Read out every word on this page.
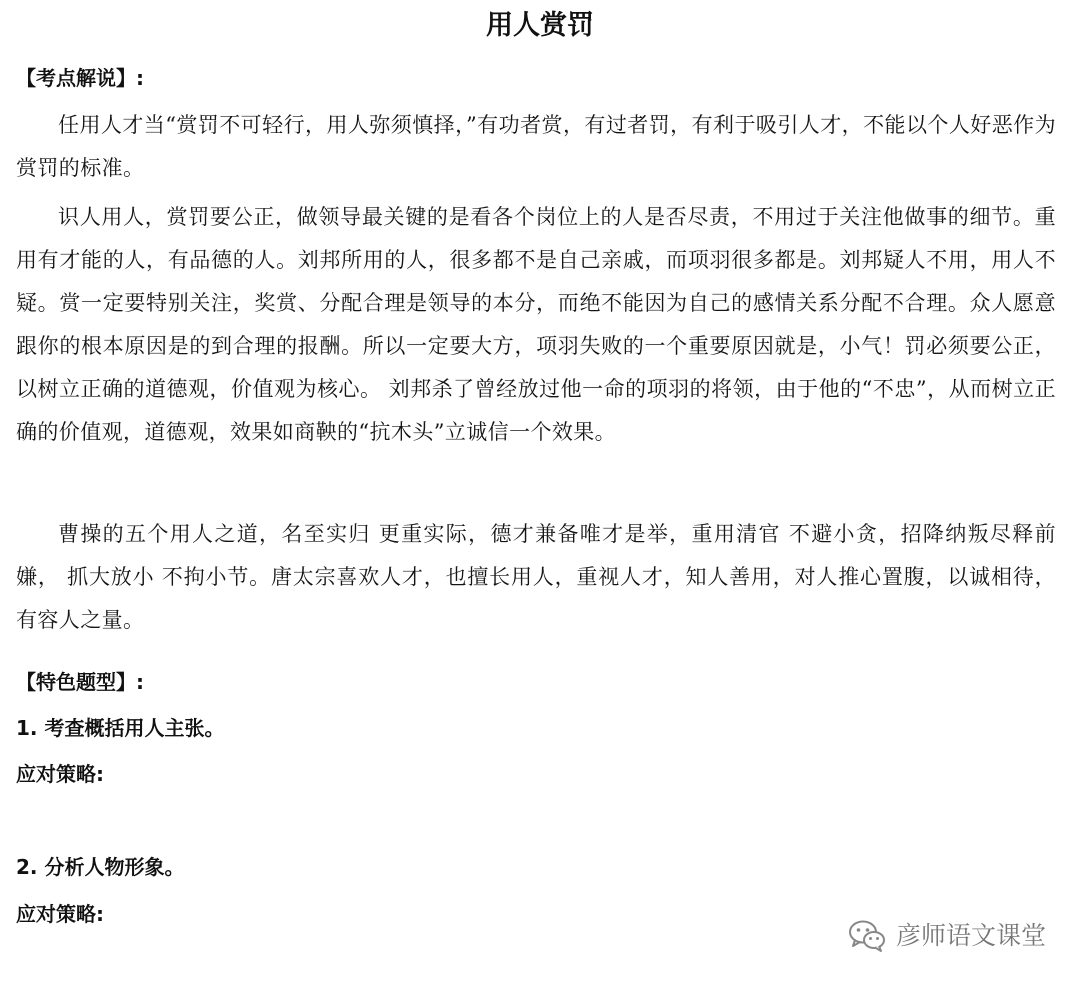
用人赏罚
【考点解说】:

任用人才当“赏罚不可轻行，用人弥须慎择，”有功者赏，有过者罚，有利于吸引人才，不能以个人好恶作为赏罚的标准。

识人用人，赏罚要公正，做领导最关键的是看各个岗位上的人是否尽责，不用过于关注他做事的细节。重用有才能的人，有品德的人。刘邦所用的人，很多都不是自己亲戚，而项羽很多都是。刘邦疑人不用，用人不疑。赏一定要特别关注，奖赏、分配合理是领导的本分，而绝不能因为自己的感情关系分配不合理。众人愿意跟你的根本原因是的到合理的报酬。所以一定要大方，项羽失败的一个重要原因就是，小气！罚必须要公正，以树立正确的道德观，价值观为核心。 刘邦杀了曾经放过他一命的项羽的将领，由于他的“不忠”，从而树立正确的价值观，道德观，效果如商鞅的“抗木头”立诚信一个效果。

曹操的五个用人之道，名至实归 更重实际，德才兼备唯才是举，重用清官 不避小贪，招降纳叛尽释前嫌， 抓大放小 不拘小节。唐太宗喜欢人才，也擅长用人，重视人才，知人善用，对人推心置腹，以诚相待，有容人之量。

【特色题型】:
1. 考查概括用人主张。
应对策略:
2. 分析人物形象。
应对策略:
彦师语文课堂
